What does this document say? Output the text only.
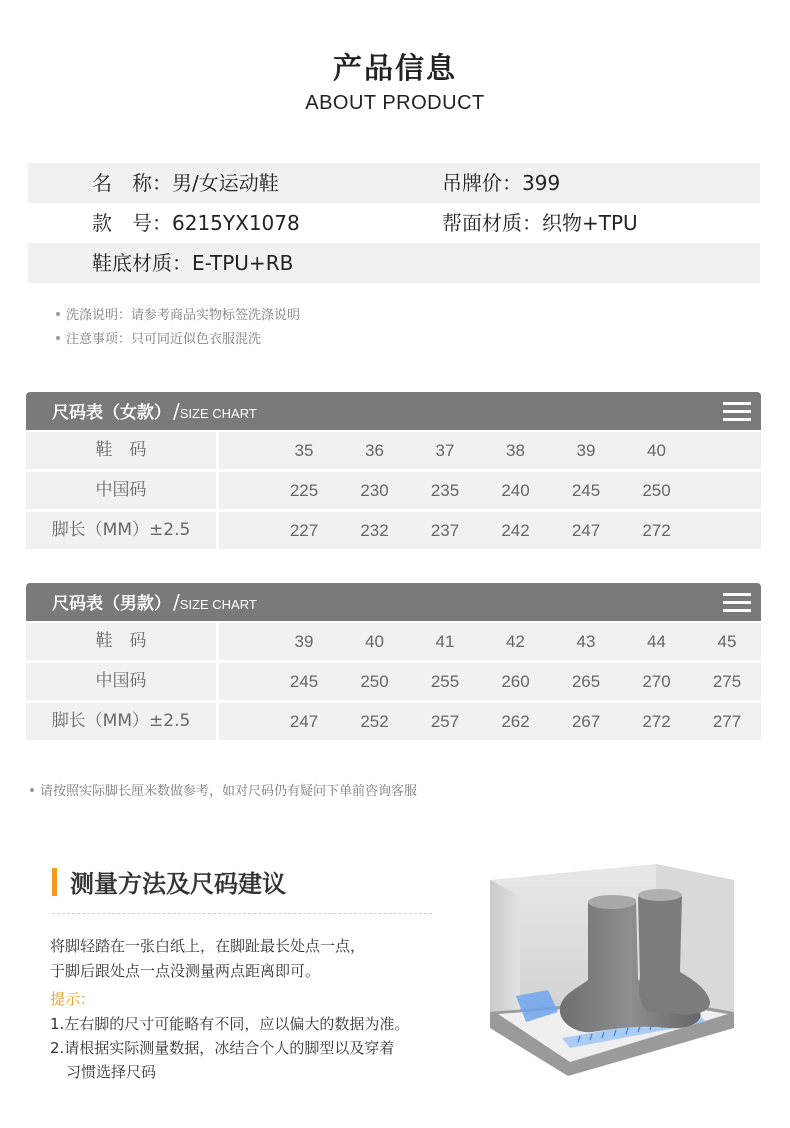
产品信息
ABOUT PRODUCT
名　称：男/女运动鞋	吊牌价：399
款　号：6215YX1078	帮面材质：织物+TPU
鞋底材质：E-TPU+RB
洗涤说明：请参考商品实物标签洗涤说明
注意事项：只可同近似色衣服混洗
尺码表（女款） /SIZE CHART
鞋　码	35	36	37	38	39	40
中国码	225	230	235	240	245	250
脚长（MM）±2.5	227	232	237	242	247	272
尺码表（男款） /SIZE CHART
鞋　码	39	40	41	42	43	44	45
中国码	245	250	255	260	265	270	275
脚长（MM）±2.5	247	252	257	262	267	272	277
请按照实际脚长厘米数做参考，如对尺码仍有疑问下单前咨询客服
测量方法及尺码建议
将脚轻踏在一张白纸上，在脚趾最长处点一点，
于脚后跟处点一点没测量两点距离即可。
提示：
1.左右脚的尺寸可能略有不同，应以偏大的数据为准。
2.请根据实际测量数据，冰结合个人的脚型以及穿着
习惯选择尺码
